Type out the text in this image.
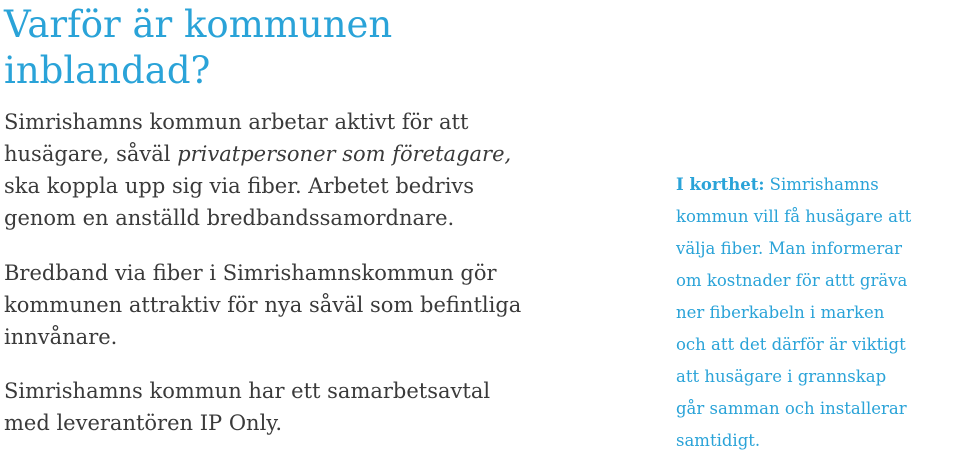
Varför är kommunen
inblandad?

Simrishamns kommun arbetar aktivt för att
husägare, såväl privatpersoner som företagare,
ska koppla upp sig via fiber. Arbetet bedrivs
genom en anställd bredbandssamordnare.

Bredband via fiber i Simrishamnskommun gör
kommunen attraktiv för nya såväl som befintliga
innvånare.

Simrishamns kommun har ett samarbetsavtal
med leverantören IP Only.

I korthet: Simrishamns
kommun vill få husägare att
välja fiber. Man informerar
om kostnader för attt gräva
ner fiberkabeln i marken
och att det därför är viktigt
att husägare i grannskap
går samman och installerar
samtidigt.
